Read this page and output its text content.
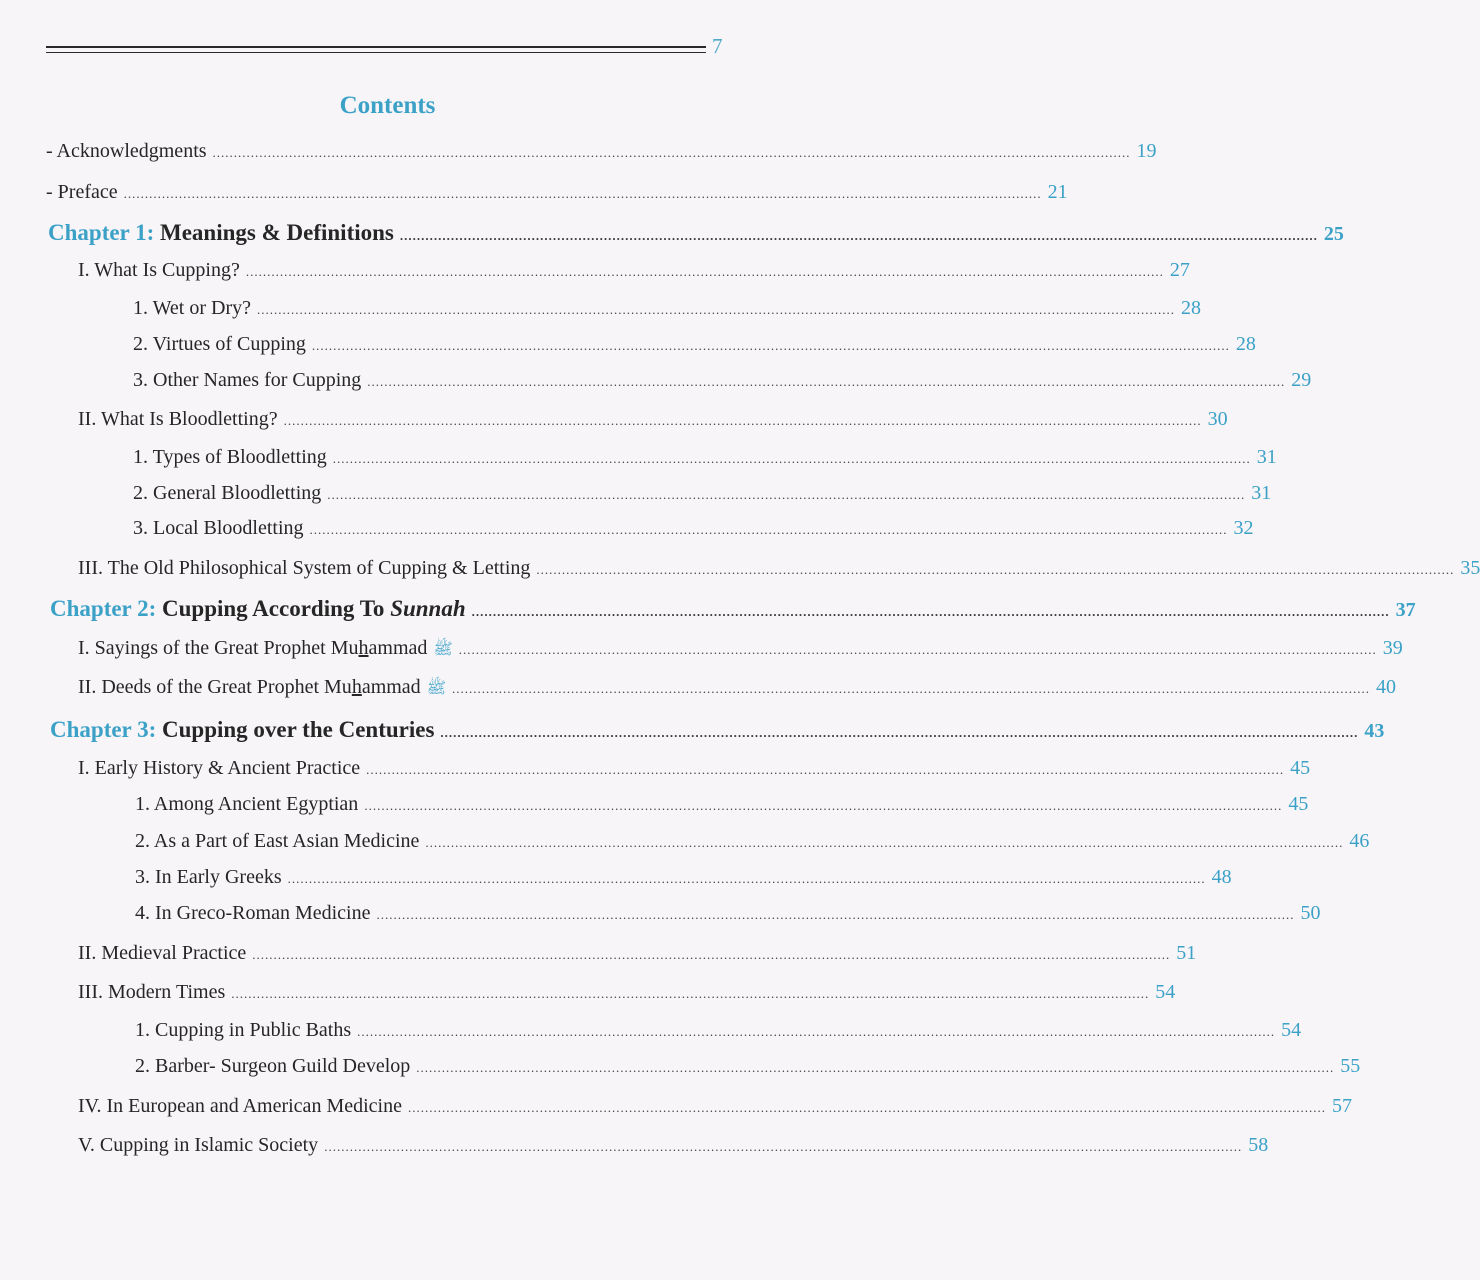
7
Contents
- Acknowledgments ........................................................................................................................................................................................................................ 19
- Preface ........................................................................................................................................................................................................................ 21
Chapter 1: Meanings & Definitions ........................................................................................................................................................................................................................ 25
I. What Is Cupping? ........................................................................................................................................................................................................................ 27
1. Wet or Dry? ........................................................................................................................................................................................................................ 28
2. Virtues of Cupping ........................................................................................................................................................................................................................ 28
3. Other Names for Cupping ........................................................................................................................................................................................................................ 29
II. What Is Bloodletting? ........................................................................................................................................................................................................................ 30
1. Types of Bloodletting ........................................................................................................................................................................................................................ 31
2. General Bloodletting ........................................................................................................................................................................................................................ 31
3. Local Bloodletting ........................................................................................................................................................................................................................ 32
III. The Old Philosophical System of Cupping & Letting ........................................................................................................................................................................................................................ 35
Chapter 2: Cupping According To Sunnah ........................................................................................................................................................................................................................ 37
I. Sayings of the Great Prophet Muhammad ﷺ ........................................................................................................................................................................................................................ 39
II. Deeds of the Great Prophet Muhammad ﷺ ........................................................................................................................................................................................................................ 40
Chapter 3: Cupping over the Centuries ........................................................................................................................................................................................................................ 43
I. Early History & Ancient Practice ........................................................................................................................................................................................................................ 45
1. Among Ancient Egyptian ........................................................................................................................................................................................................................ 45
2. As a Part of East Asian Medicine ........................................................................................................................................................................................................................ 46
3. In Early Greeks ........................................................................................................................................................................................................................ 48
4. In Greco-Roman Medicine ........................................................................................................................................................................................................................ 50
II. Medieval Practice ........................................................................................................................................................................................................................ 51
III. Modern Times ........................................................................................................................................................................................................................ 54
1. Cupping in Public Baths ........................................................................................................................................................................................................................ 54
2. Barber- Surgeon Guild Develop ........................................................................................................................................................................................................................ 55
IV. In European and American Medicine ........................................................................................................................................................................................................................ 57
V. Cupping in Islamic Society ........................................................................................................................................................................................................................ 58
